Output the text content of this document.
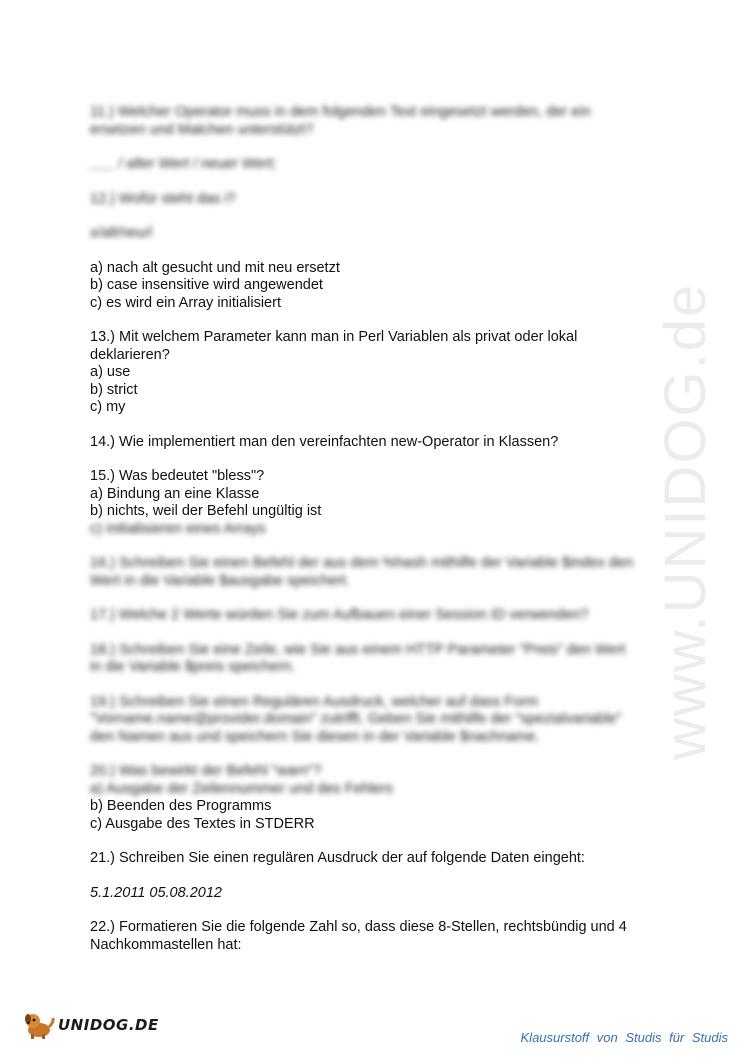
www.UNIDOG.de

11.) Welcher Operator muss in dem folgenden Text eingesetzt werden, der ein

ersetzen und Matchen unterstützt?

___ / alter Wert / neuer Wert;

12.) Wofür steht das i?

s/alt/neu/i

a) nach alt gesucht und mit neu ersetzt

b) case insensitive wird angewendet

c) es wird ein Array initialisiert

13.) Mit welchem Parameter kann man in Perl Variablen als privat oder lokal

deklarieren?

a) use

b) strict

c) my

14.) Wie implementiert man den vereinfachten new-Operator in Klassen?

15.) Was bedeutet "bless"?

a) Bindung an eine Klasse

b) nichts, weil der Befehl ungültig ist

c) initialisieren eines Arrays

16.) Schreiben Sie einen Befehl der aus dem %hash mithilfe der Variable $index den

Wert in die Variable $ausgabe speichert.

17.) Welche 2 Werte würden Sie zum Aufbauen einer Session ID verwenden?

18.) Schreiben Sie eine Zeile, wie Sie aus einem HTTP Parameter "Preis" den Wert

in die Variable $preis speichern.

19.) Schreiben Sie einen Regulären Ausdruck, welcher auf dass Form

"Vorname.name@provider.domain" zutrifft. Geben Sie mithilfe der "spezialvariable"

den Namen aus und speichern Sie diesen in der Variable $nachname.

20.) Was bewirkt der Befehl "warn"?

a) Ausgabe der Zeilennummer und des Fehlers

b) Beenden des Programms

c) Ausgabe des Textes in STDERR

21.) Schreiben Sie einen regulären Ausdruck der auf folgende Daten eingeht:

5.1.2011 05.08.2012

22.) Formatieren Sie die folgende Zahl so, dass diese 8-Stellen, rechtsbündig und 4

Nachkommastellen hat:

UNIDOG.DE
Klausurstoff von Studis für Studis
